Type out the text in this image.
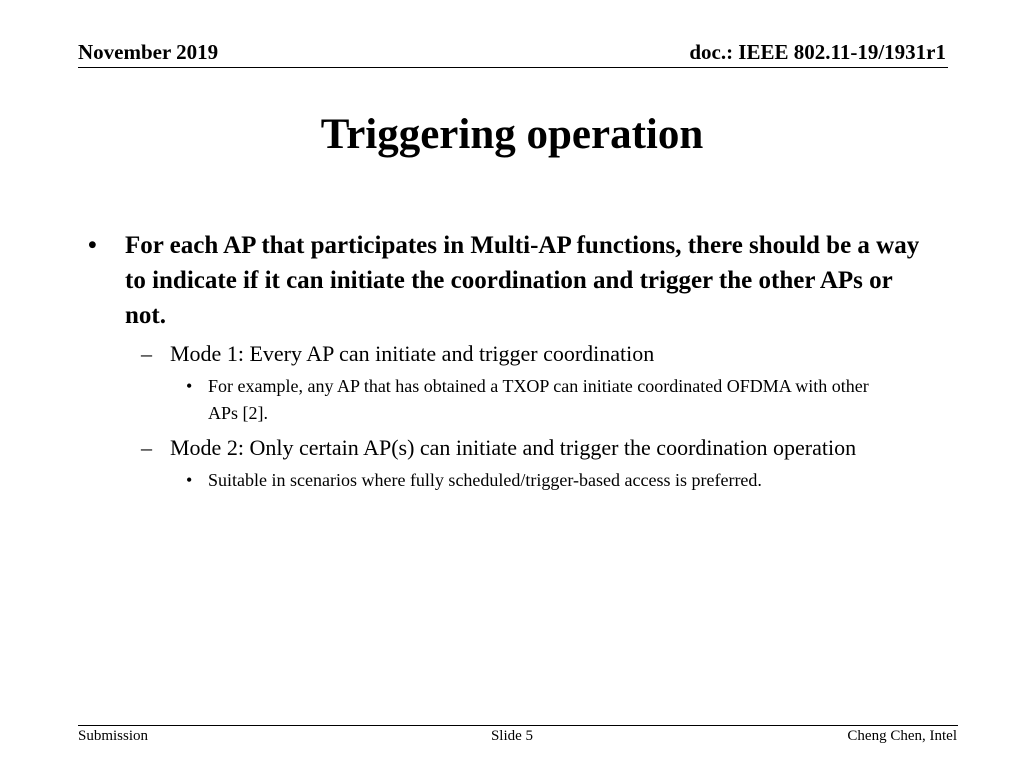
November 2019	doc.: IEEE 802.11-19/1931r1
Triggering operation
• For each AP that participates in Multi-AP functions, there should be a way to indicate if it can initiate the coordination and trigger the other APs or not.
– Mode 1: Every AP can initiate and trigger coordination
• For example, any AP that has obtained a TXOP can initiate coordinated OFDMA with other APs [2].
– Mode 2: Only certain AP(s) can initiate and trigger the coordination operation
• Suitable in scenarios where fully scheduled/trigger-based access is preferred.
Submission	Slide 5	Cheng Chen, Intel
